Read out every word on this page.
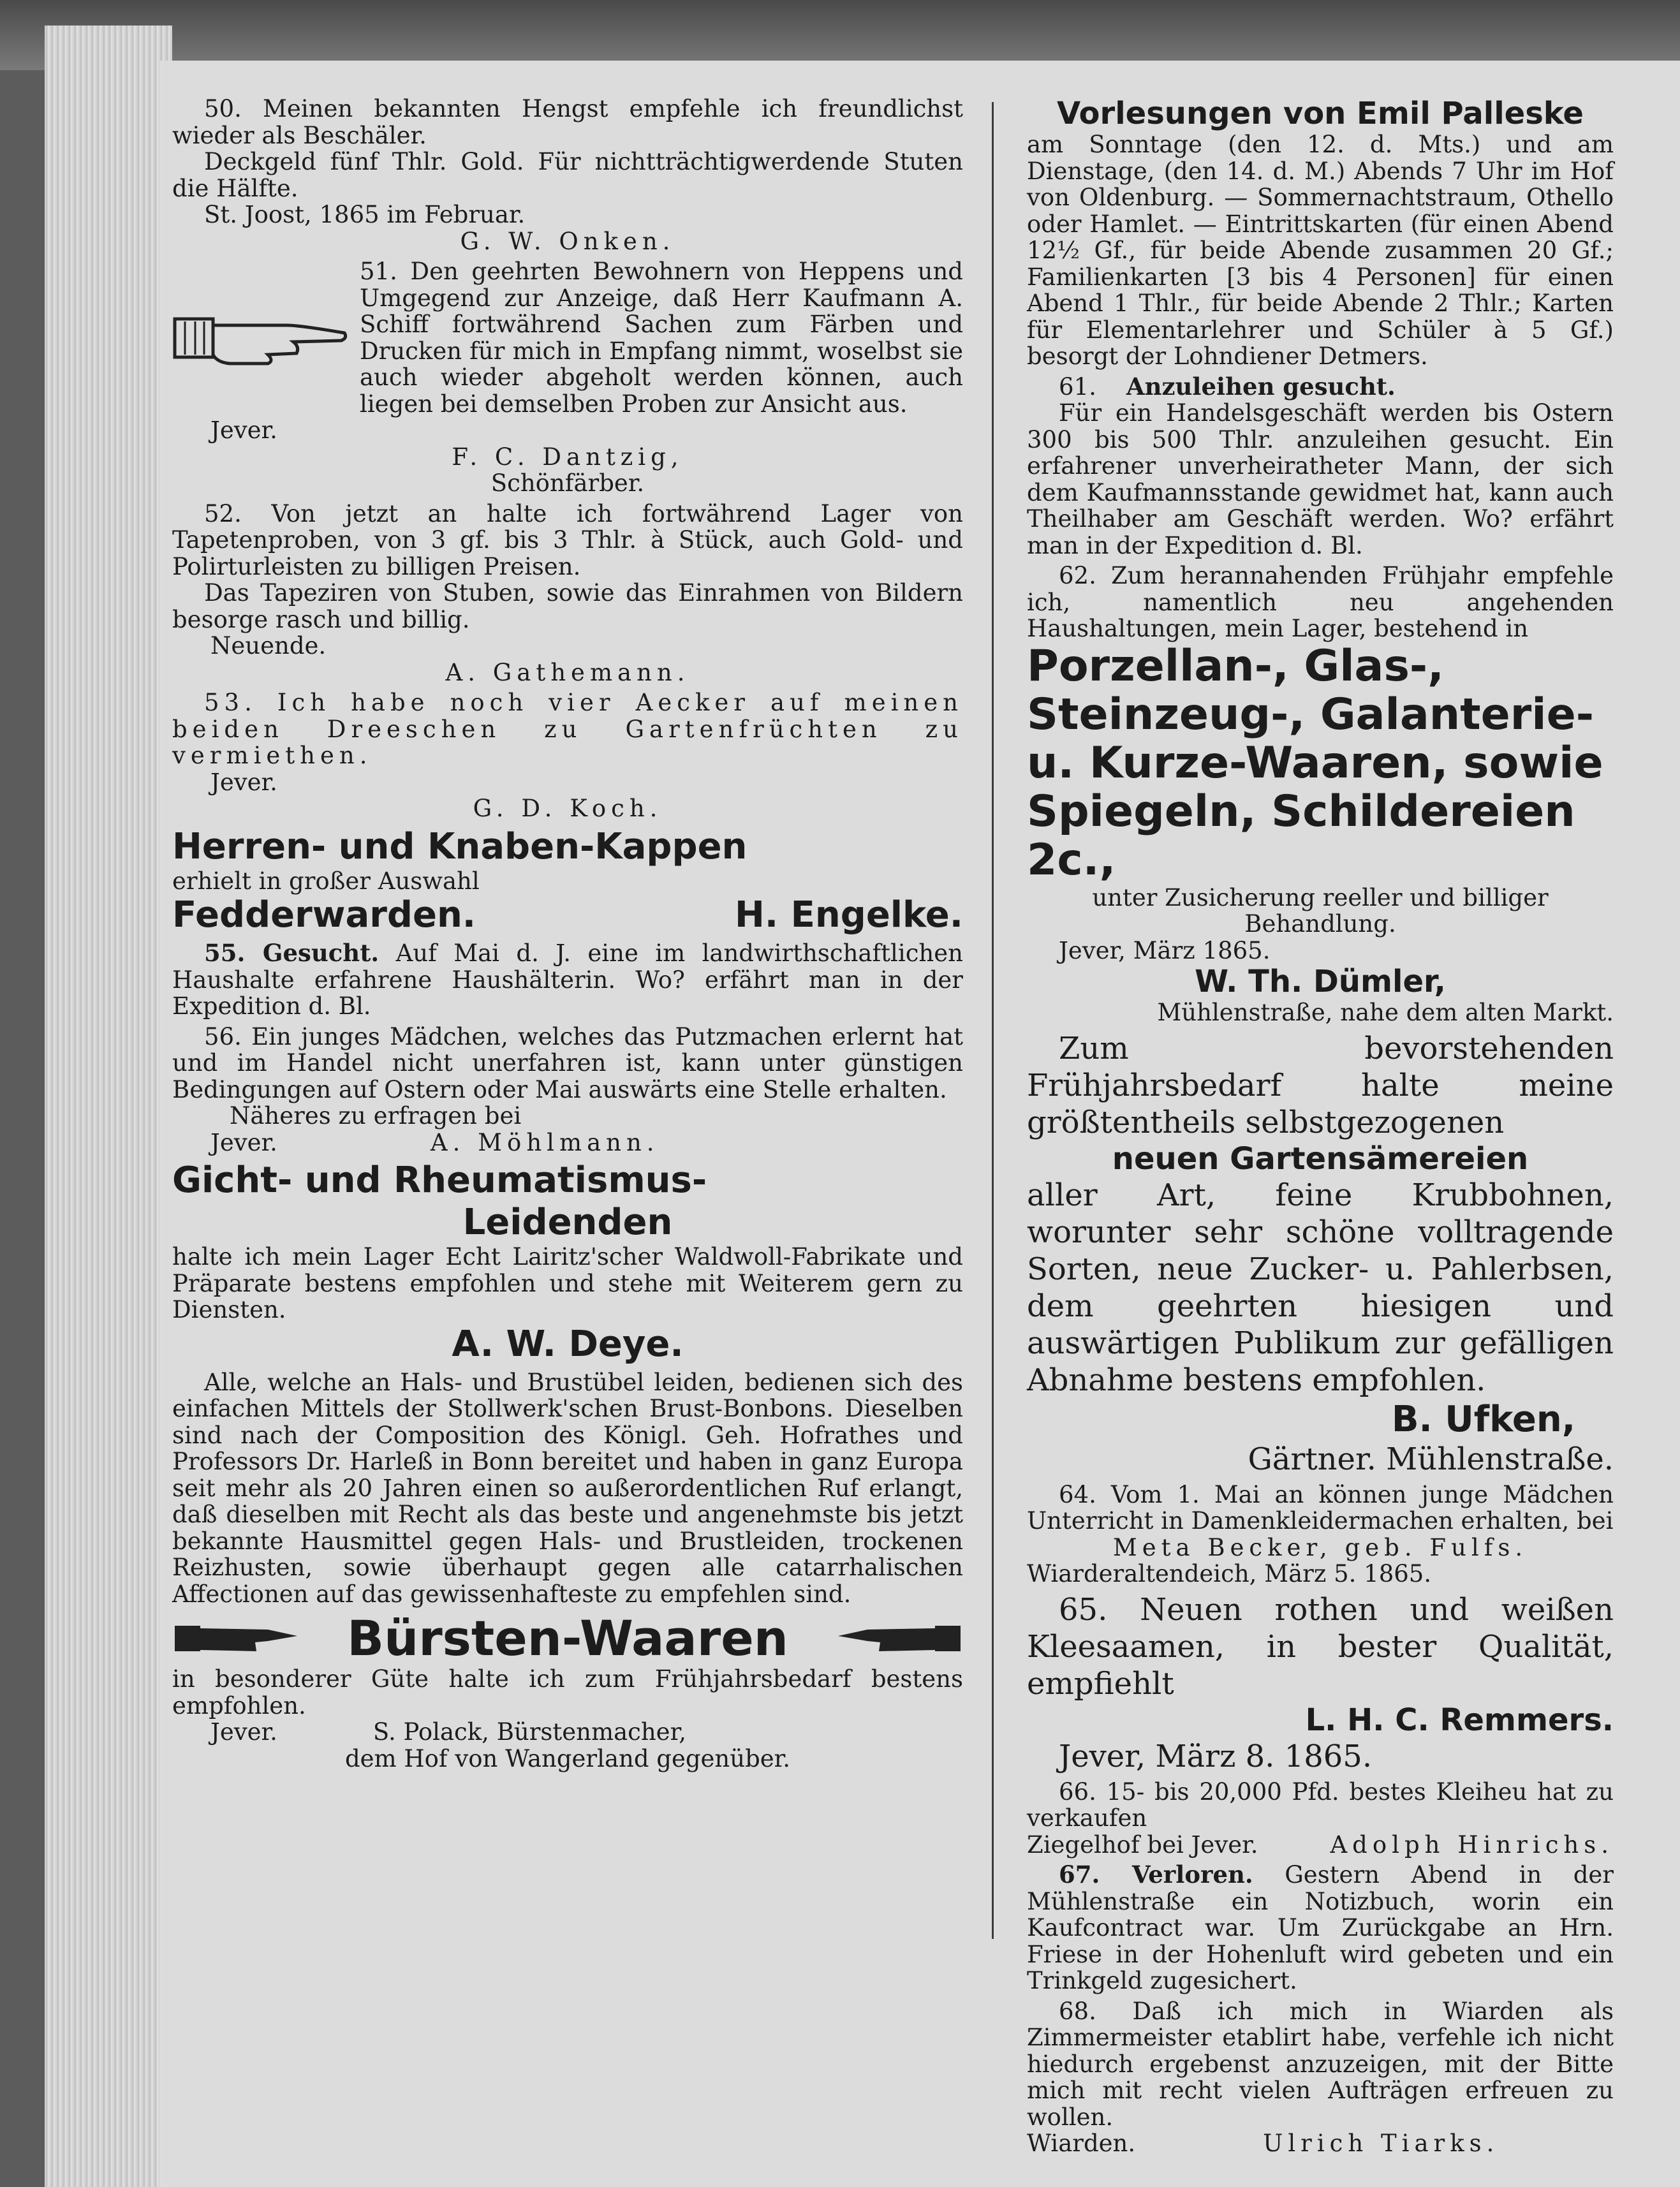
50. Meinen bekannten Hengst empfehle ich freundlichst wieder als Beschäler.

Deckgeld fünf Thlr. Gold. Für nichtträchtigwerdende Stuten die Hälfte.

St. Joost, 1865 im Februar.

G. W. Onken.

51. Den geehrten Bewohnern von Heppens und Umgegend zur Anzeige, daß Herr Kaufmann A. Schiff fortwährend Sachen zum Färben und Drucken für mich in Empfang nimmt, woselbst sie auch wieder abgeholt werden können, auch liegen bei demselben Proben zur Ansicht aus.

Jever.

F. C. Dantzig,

Schönfärber.

52. Von jetzt an halte ich fortwährend Lager von Tapetenproben, von 3 gf. bis 3 Thlr. à Stück, auch Gold- und Polirturleisten zu billigen Preisen.

Das Tapeziren von Stuben, sowie das Einrahmen von Bildern besorge rasch und billig.

Neuende.

A. Gathemann.

53. Ich habe noch vier Aecker auf meinen beiden Dreeschen zu Gartenfrüchten zu vermiethen.

Jever.

G. D. Koch.

Herren- und Knaben-Kappen

erhielt in großer Auswahl

Fedderwarden.	H. Engelke.

55. Gesucht. Auf Mai d. J. eine im landwirthschaftlichen Haushalte erfahrene Haushälterin. Wo? erfährt man in der Expedition d. Bl.

56. Ein junges Mädchen, welches das Putzmachen erlernt hat und im Handel nicht unerfahren ist, kann unter günstigen Bedingungen auf Ostern oder Mai auswärts eine Stelle erhalten.

Näheres zu erfragen bei

Jever.	A. Möhlmann.

Gicht- und Rheumatismus-

Leidenden

halte ich mein Lager Echt Lairitz'scher Waldwoll-Fabrikate und Präparate bestens empfohlen und stehe mit Weiterem gern zu Diensten.

A. W. Deye.

Alle, welche an Hals- und Brustübel leiden, bedienen sich des einfachen Mittels der Stollwerk'schen Brust-Bonbons. Dieselben sind nach der Composition des Königl. Geh. Hofrathes und Professors Dr. Harleß in Bonn bereitet und haben in ganz Europa seit mehr als 20 Jahren einen so außerordentlichen Ruf erlangt, daß dieselben mit Recht als das beste und angenehmste bis jetzt bekannte Hausmittel gegen Hals- und Brustleiden, trockenen Reizhusten, sowie überhaupt gegen alle catarrhalischen Affectionen auf das gewissenhafteste zu empfehlen sind.

Bürsten-Waaren

in besonderer Güte halte ich zum Frühjahrsbedarf bestens empfohlen.

Jever.	S. Polack, Bürstenmacher,

dem Hof von Wangerland gegenüber.

Vorlesungen von Emil Palleske

am Sonntage (den 12. d. Mts.) und am Dienstage, (den 14. d. M.) Abends 7 Uhr im Hof von Oldenburg. — Sommernachtstraum, Othello oder Hamlet. — Eintrittskarten (für einen Abend 12½ Gf., für beide Abende zusammen 20 Gf.; Familienkarten [3 bis 4 Personen] für einen Abend 1 Thlr., für beide Abende 2 Thlr.; Karten für Elementarlehrer und Schüler à 5 Gf.) besorgt der Lohndiener Detmers.

61. Anzuleihen gesucht.

Für ein Handelsgeschäft werden bis Ostern 300 bis 500 Thlr. anzuleihen gesucht. Ein erfahrener unverheiratheter Mann, der sich dem Kaufmannsstande gewidmet hat, kann auch Theilhaber am Geschäft werden. Wo? erfährt man in der Expedition d. Bl.

62. Zum herannahenden Frühjahr empfehle ich, namentlich neu angehenden Haushaltungen, mein Lager, bestehend in

Porzellan-, Glas-, Steinzeug-, Galanterie- u. Kurze-Waaren, sowie Spiegeln, Schildereien 2c.,

unter Zusicherung reeller und billiger Behandlung.

Jever, März 1865.

W. Th. Dümler,

Mühlenstraße, nahe dem alten Markt.

Zum bevorstehenden Frühjahrsbedarf halte meine größtentheils selbstgezogenen

neuen Gartensämereien

aller Art, feine Krubbohnen, worunter sehr schöne volltragende Sorten, neue Zucker- u. Pahlerbsen, dem geehrten hiesigen und auswärtigen Publikum zur gefälligen Abnahme bestens empfohlen.

B. Ufken,

Gärtner. Mühlenstraße.

64. Vom 1. Mai an können junge Mädchen Unterricht in Damenkleidermachen erhalten, bei

Meta Becker, geb. Fulfs.

Wiarderaltendeich, März 5. 1865.

65. Neuen rothen und weißen Kleesaamen, in bester Qualität, empfiehlt

L. H. C. Remmers.

Jever, März 8. 1865.

66. 15- bis 20,000 Pfd. bestes Kleiheu hat zu verkaufen

Ziegelhof bei Jever.	Adolph Hinrichs.

67. Verloren. Gestern Abend in der Mühlenstraße ein Notizbuch, worin ein Kaufcontract war. Um Zurückgabe an Hrn. Friese in der Hohenluft wird gebeten und ein Trinkgeld zugesichert.

68. Daß ich mich in Wiarden als Zimmermeister etablirt habe, verfehle ich nicht hiedurch ergebenst anzuzeigen, mit der Bitte mich mit recht vielen Aufträgen erfreuen zu wollen.

Wiarden.	Ulrich Tiarks.
